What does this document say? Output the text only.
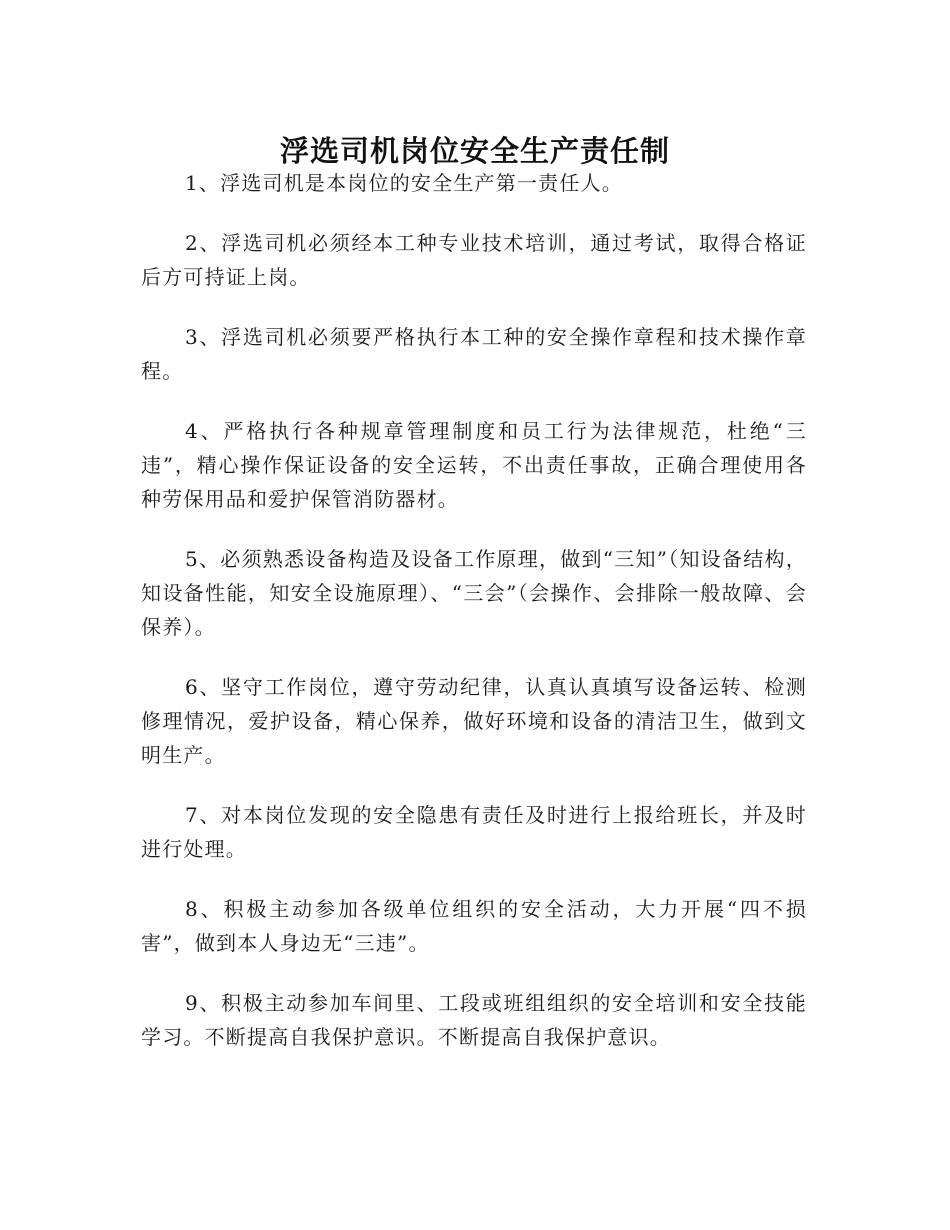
浮选司机岗位安全生产责任制

1、浮选司机是本岗位的安全生产第一责任人。

2、浮选司机必须经本工种专业技术培训，通过考试，取得合格证后方可持证上岗。

3、浮选司机必须要严格执行本工种的安全操作章程和技术操作章程。

4、严格执行各种规章管理制度和员工行为法律规范，杜绝“三违”，精心操作保证设备的安全运转，不出责任事故，正确合理使用各种劳保用品和爱护保管消防器材。

5、必须熟悉设备构造及设备工作原理，做到“三知”（知设备结构，知设备性能，知安全设施原理）、“三会”（会操作、会排除一般故障、会保养）。

6、坚守工作岗位，遵守劳动纪律，认真认真填写设备运转、检测修理情况，爱护设备，精心保养，做好环境和设备的清洁卫生，做到文明生产。

7、对本岗位发现的安全隐患有责任及时进行上报给班长，并及时进行处理。

8、积极主动参加各级单位组织的安全活动，大力开展“四不损害”，做到本人身边无“三违”。

9、积极主动参加车间里、工段或班组组织的安全培训和安全技能学习。不断提高自我保护意识。不断提高自我保护意识。
